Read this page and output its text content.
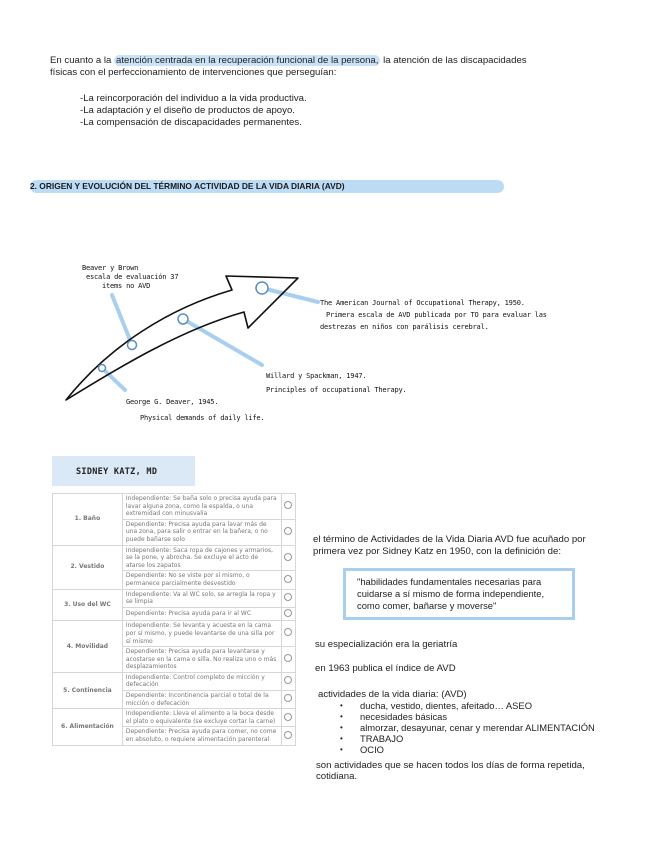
En cuanto a la atención centrada en la recuperación funcional de la persona, la atención de las discapacidades
físicas con el perfeccionamiento de intervenciones que perseguían:
-La reincorporación del individuo a la vida productiva.
-La adaptación y el diseño de productos de apoyo.
-La compensación de discapacidades permanentes.
2. ORIGEN Y EVOLUCIÓN DEL TÉRMINO ACTIVIDAD DE LA VIDA DIARIA (AVD)
Beaver y Brown
escala de evaluación 37
items no AVD
The American Journal of Occupational Therapy, 1950.
Primera escala de AVD publicada por TO para evaluar las
destrezas en niños con parálisis cerebral.
Willard y Spackman, 1947.
Principles of occupational Therapy.
George G. Deaver, 1945.
Physical demands of daily life.
SIDNEY KATZ, MD
1. Baño	Independiente: Se baña solo o precisa ayuda para lavar alguna zona, como la espalda, o una extremidad con minusvalía	
	Dependiente: Precisa ayuda para lavar más de una zona, para salir o entrar en la bañera, o no puede bañarse solo	
2. Vestido	Independiente: Saca ropa de cajones y armarios, se la pone, y abrocha. Se excluye el acto de atarse los zapatos	
	Dependiente: No se viste por sí mismo, o permanece parcialmente desvestido	
3. Uso del WC	Independiente: Va al WC solo, se arregla la ropa y se limpia	
	Dependiente: Precisa ayuda para ir al WC	
4. Movilidad	Independiente: Se levanta y acuesta en la cama por sí mismo, y puede levantarse de una silla por sí mismo	
	Dependiente: Precisa ayuda para levantarse y acostarse en la cama o silla. No realiza uno o más desplazamientos	
5. Continencia	Independiente: Control completo de micción y defecación	
	Dependiente: Incontinencia parcial o total de la micción o defecación	
6. Alimentación	Independiente: Lleva el alimento a la boca desde el plato o equivalente (se excluye cortar la carne)	
	Dependiente: Precisa ayuda para comer, no come en absoluto, o requiere alimentación parenteral	
el término de Actividades de la Vida Diaria AVD fue acuñado por primera vez por Sidney Katz en 1950, con la definición de:
"habilidades fundamentales necesarias para cuidarse a sí mismo de forma independiente, como comer, bañarse y moverse"
su especialización era la geriatría
en 1963 publica el índice de AVD
actividades de la vida diaria: (AVD)
• ducha, vestido, dientes, afeitado… ASEO
• necesidades básicas
• almorzar, desayunar, cenar y merendar ALIMENTACIÓN
• TRABAJO
• OCIO
son actividades que se hacen todos los días de forma repetida, cotidiana.
